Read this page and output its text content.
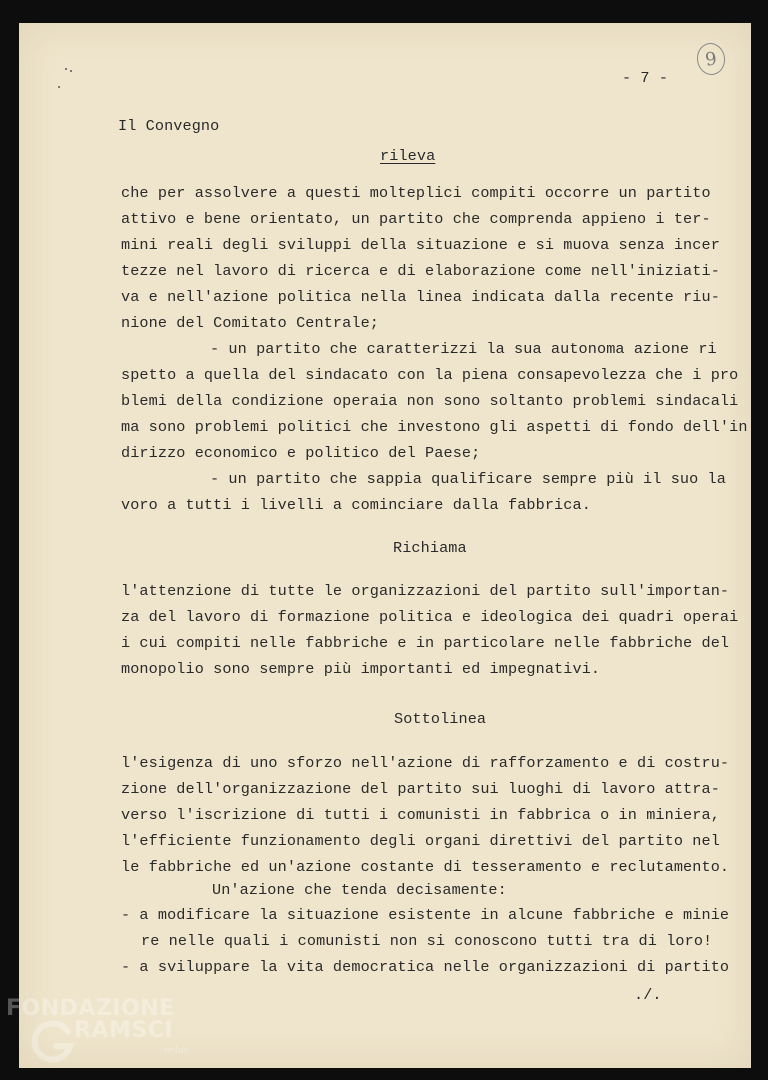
9
- 7 -
Il Convegno
rileva
che per assolvere a questi molteplici compiti occorre un partito
attivo e bene orientato, un partito che comprenda appieno i ter-
mini reali degli sviluppi della situazione e si muova senza incer
tezze nel lavoro di ricerca e di elaborazione come nell'iniziati-
va e nell'azione politica nella linea indicata dalla recente riu-
nione del Comitato Centrale;
- un partito che caratterizzi la sua autonoma azione ri
spetto a quella del sindacato con la piena consapevolezza che i pro
blemi della condizione operaia non sono soltanto problemi sindacali
ma sono problemi politici che investono gli aspetti di fondo dell'in
dirizzo economico e politico del Paese;
- un partito che sappia qualificare sempre più il suo la
voro a tutti i livelli a cominciare dalla fabbrica.
Richiama
l'attenzione di tutte le organizzazioni del partito sull'importan-
za del lavoro di formazione politica e ideologica dei quadri operai
i cui compiti nelle fabbriche e in particolare nelle fabbriche del
monopolio sono sempre più importanti ed impegnativi.
Sottolinea
l'esigenza di uno sforzo nell'azione di rafforzamento e di costru-
zione dell'organizzazione del partito sui luoghi di lavoro attra-
verso l'iscrizione di tutti i comunisti in fabbrica o in miniera,
l'efficiente funzionamento degli organi direttivi del partito nel
le fabbriche ed un'azione costante di tesseramento e reclutamento.
Un'azione che tenda decisamente:
- a modificare la situazione esistente in alcune fabbriche e minie
re nelle quali i comunisti non si conoscono tutti tra di loro!
- a sviluppare la vita democratica nelle organizzazioni di partito
./.
FONDAZIONE
RAMSCI
onlus
